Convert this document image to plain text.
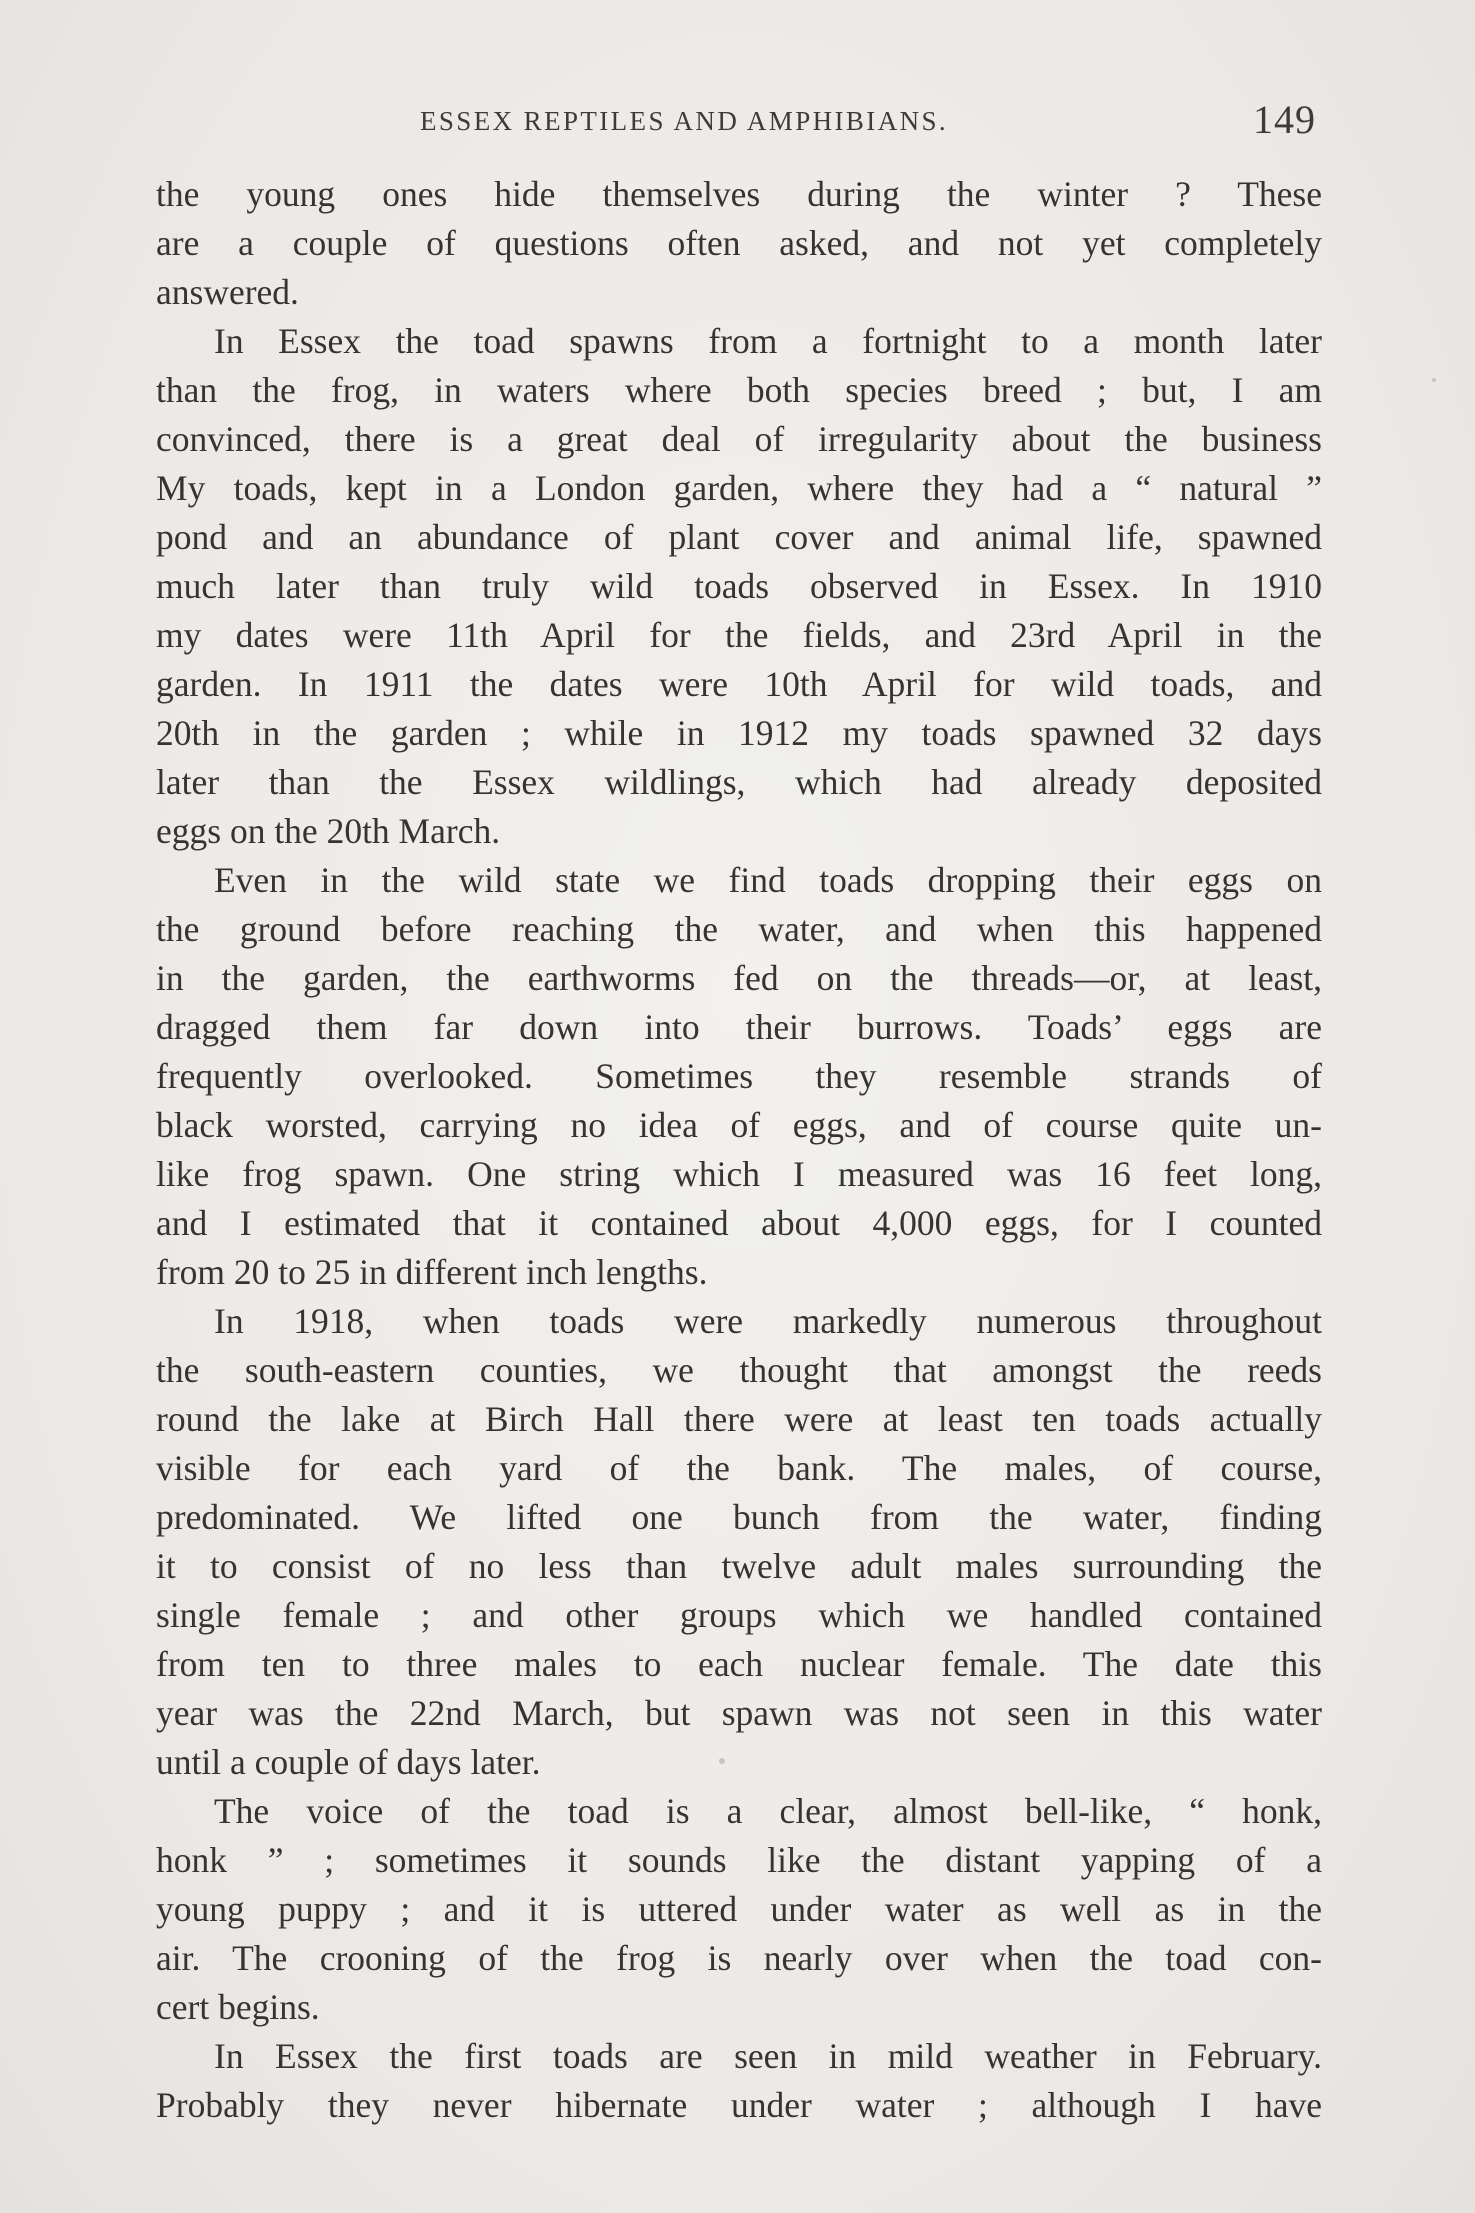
ESSEX REPTILES AND AMPHIBIANS.	149
the young ones hide themselves during the winter ? These
are a couple of questions often asked, and not yet completely
answered.
In Essex the toad spawns from a fortnight to a month later
than the frog, in waters where both species breed ; but, I am
convinced, there is a great deal of irregularity about the business
My toads, kept in a London garden, where they had a “ natural ”
pond and an abundance of plant cover and animal life, spawned
much later than truly wild toads observed in Essex. In 1910
my dates were 11th April for the fields, and 23rd April in the
garden. In 1911 the dates were 10th April for wild toads, and
20th in the garden ; while in 1912 my toads spawned 32 days
later than the Essex wildlings, which had already deposited
eggs on the 20th March.
Even in the wild state we find toads dropping their eggs on
the ground before reaching the water, and when this happened
in the garden, the earthworms fed on the threads—or, at least,
dragged them far down into their burrows. Toads’ eggs are
frequently overlooked. Sometimes they resemble strands of
black worsted, carrying no idea of eggs, and of course quite un-
like frog spawn. One string which I measured was 16 feet long,
and I estimated that it contained about 4,000 eggs, for I counted
from 20 to 25 in different inch lengths.
In 1918, when toads were markedly numerous throughout
the south-eastern counties, we thought that amongst the reeds
round the lake at Birch Hall there were at least ten toads actually
visible for each yard of the bank. The males, of course,
predominated. We lifted one bunch from the water, finding
it to consist of no less than twelve adult males surrounding the
single female ; and other groups which we handled contained
from ten to three males to each nuclear female. The date this
year was the 22nd March, but spawn was not seen in this water
until a couple of days later.
The voice of the toad is a clear, almost bell-like, “ honk,
honk ” ; sometimes it sounds like the distant yapping of a
young puppy ; and it is uttered under water as well as in the
air. The crooning of the frog is nearly over when the toad con-
cert begins.
In Essex the first toads are seen in mild weather in February.
Probably they never hibernate under water ; although I have
